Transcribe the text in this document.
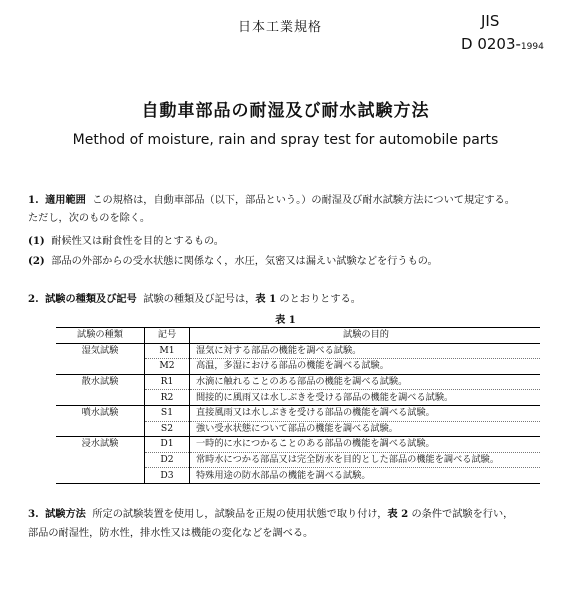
日本工業規格	JIS
D 0203-1994
自動車部品の耐湿及び耐水試験方法
Method of moisture, rain and spray test for automobile parts
1. 適用範囲 この規格は，自動車部品（以下，部品という。）の耐湿及び耐水試験方法について規定する。
ただし，次のものを除く。
(1) 耐候性又は耐食性を目的とするもの。
(2) 部品の外部からの受水状態に関係なく，水圧，気密又は漏えい試験などを行うもの。
2. 試験の種類及び記号 試験の種類及び記号は，表 1 のとおりとする。
表 1
試験の種類	記号	試験の目的
湿気試験	M1	湿気に対する部品の機能を調べる試験。
	M2	高温，多湿における部品の機能を調べる試験。
散水試験	R1	水滴に触れることのある部品の機能を調べる試験。
	R2	間接的に風雨又は水しぶきを受ける部品の機能を調べる試験。
噴水試験	S1	直接風雨又は水しぶきを受ける部品の機能を調べる試験。
	S2	強い受水状態について部品の機能を調べる試験。
浸水試験	D1	一時的に水につかることのある部品の機能を調べる試験。
	D2	常時水につかる部品又は完全防水を目的とした部品の機能を調べる試験。
	D3	特殊用途の防水部品の機能を調べる試験。
3. 試験方法 所定の試験装置を使用し，試験品を正規の使用状態で取り付け，表 2 の条件で試験を行い，
部品の耐湿性，防水性，排水性又は機能の変化などを調べる。
